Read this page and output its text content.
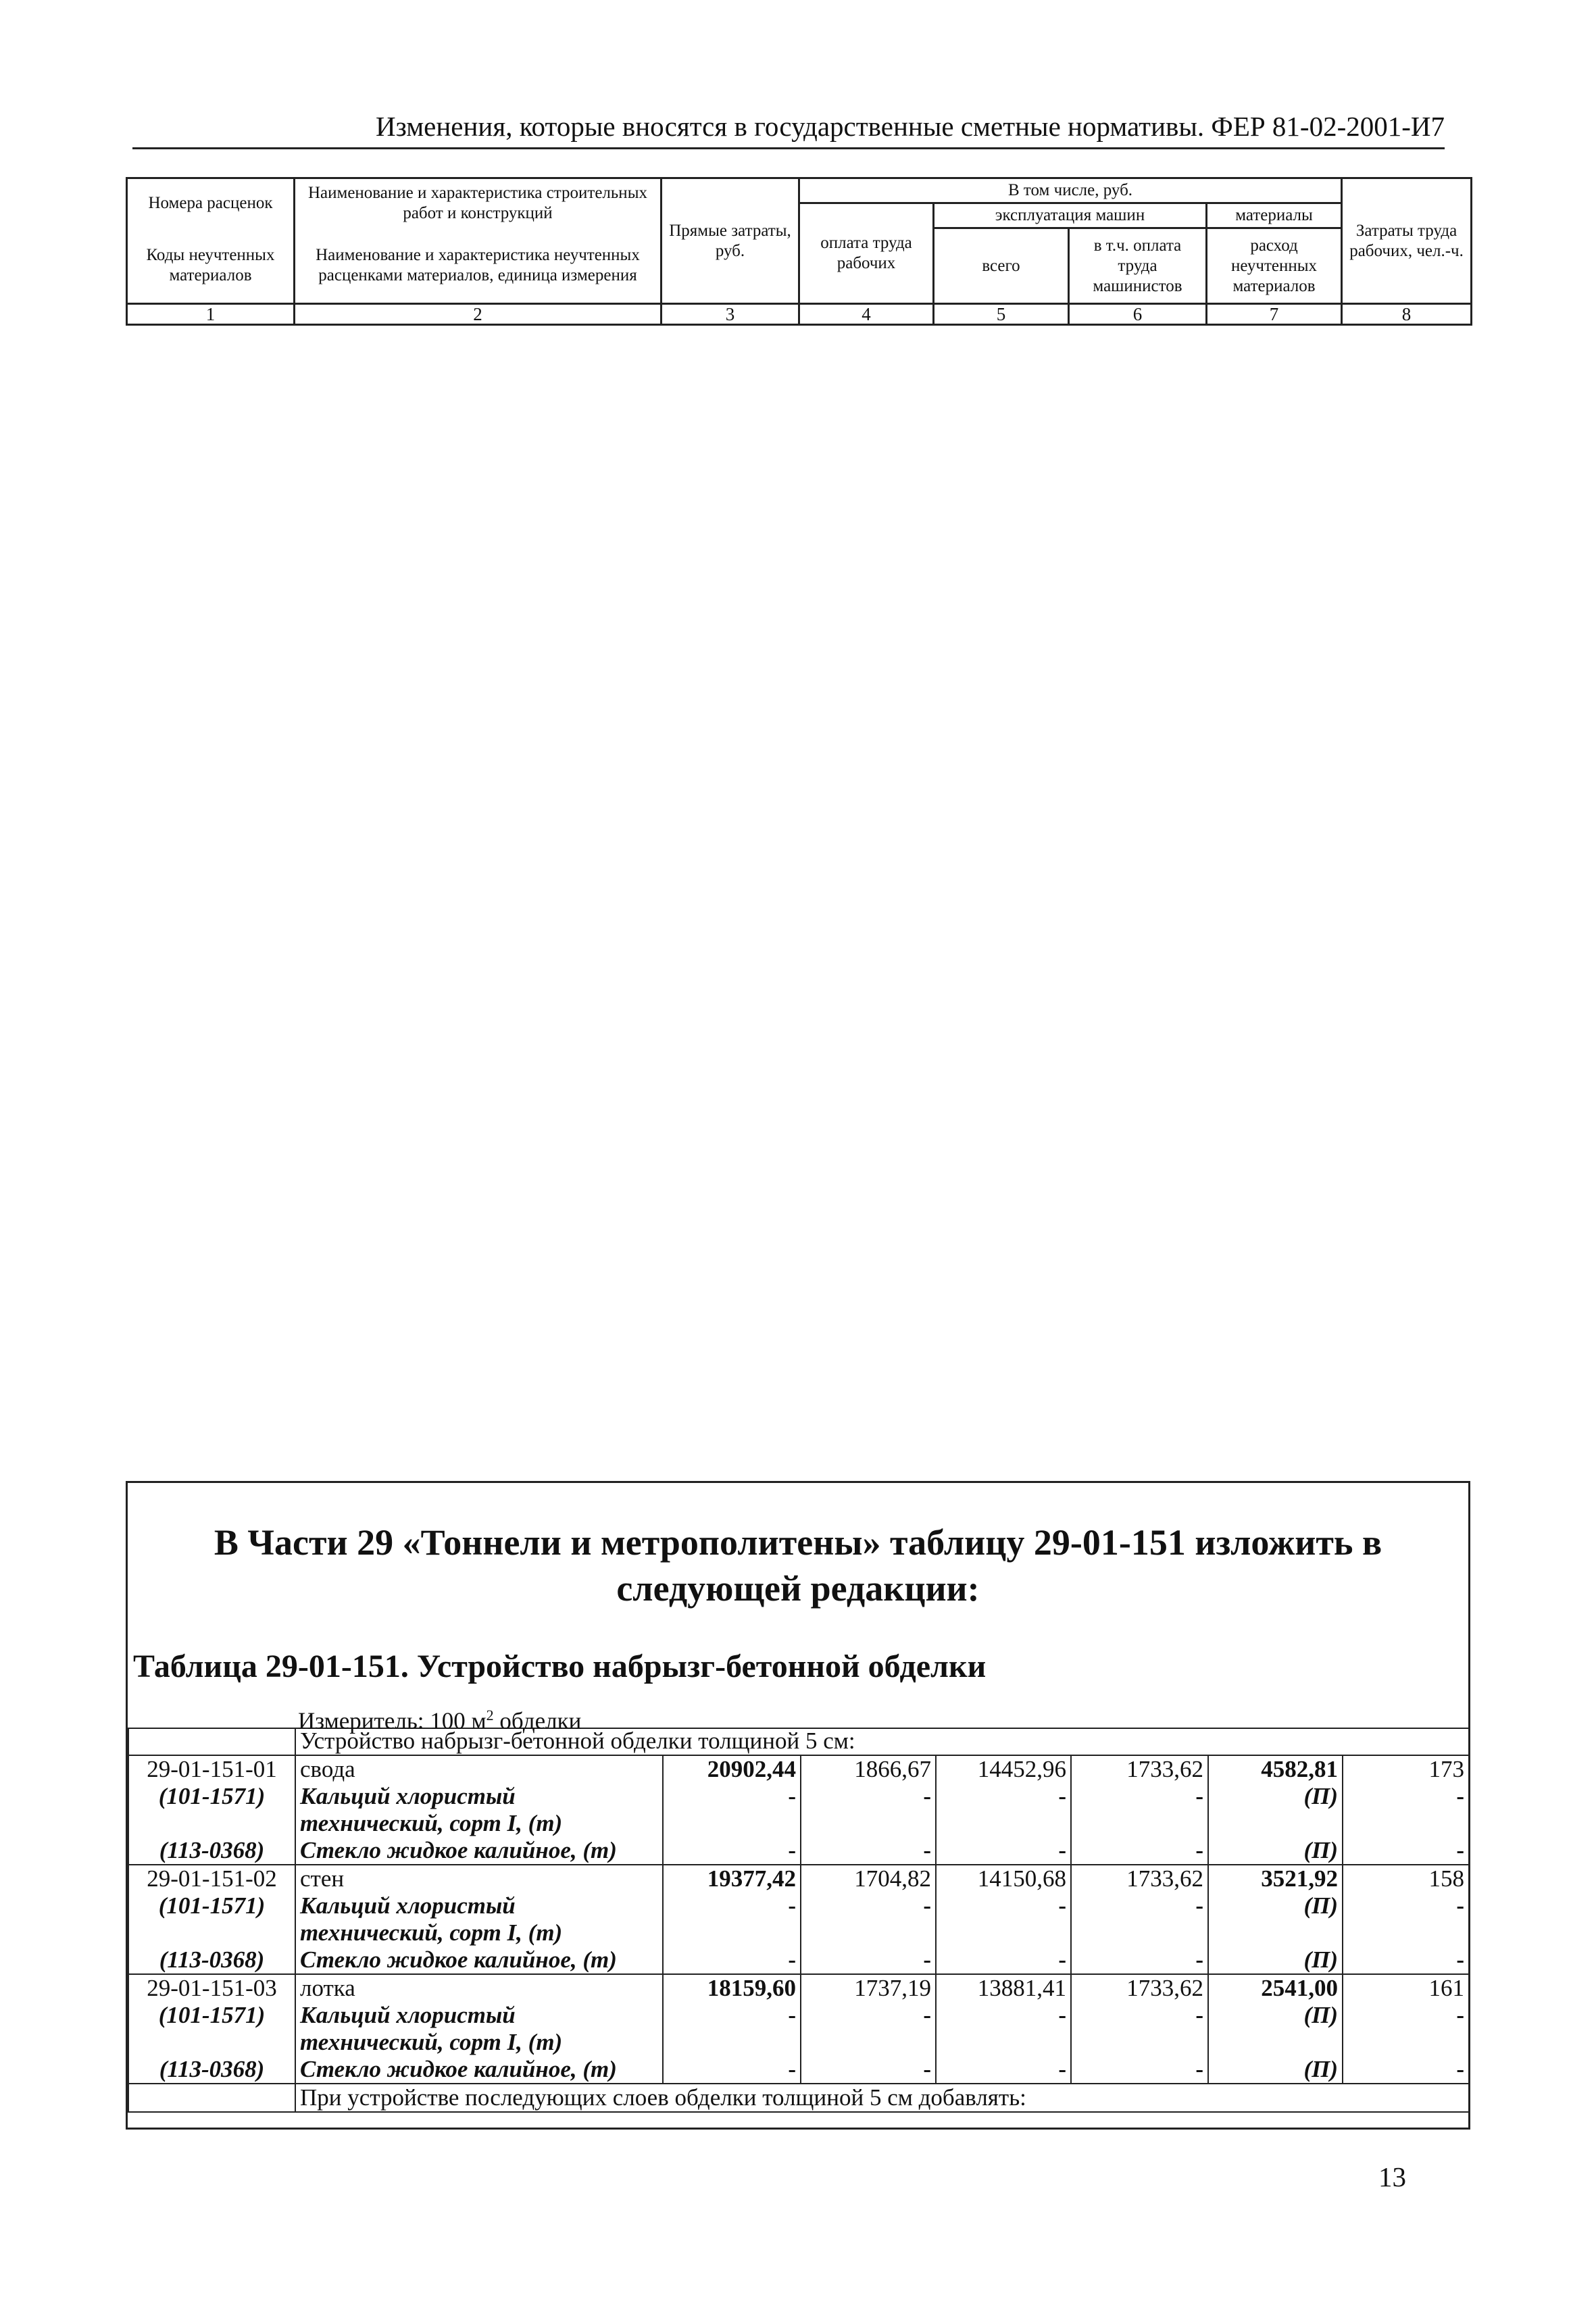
Изменения, которые вносятся в государственные сметные нормативы. ФЕР 81-02-2001-И7
Номера расценок	Наименование и характеристика строительных работ и конструкций	Прямые затраты, руб.	В том числе, руб.				Затраты труда рабочих, чел.-ч.
			оплата труда рабочих	эксплуатация машин		материалы	
Коды неучтенных материалов	Наименование и характеристика неучтенных расценками материалов, единица измерения			всего	в т.ч. оплата труда машинистов	расход неучтенных материалов	

1	2	3	4	5	6	7	8
В Части 29 «Тоннели и метрополитены» таблицу 29-01-151 изложить в следующей редакции:
Таблица 29-01-151. Устройство набрызг-бетонной обделки
Измеритель: 100 $м^2$ обделки
	Устройство набрызг-бетонной обделки толщиной 5 см:						
29-01-151-01	свода	20902,44	1866,67	14452,96	1733,62	4582,81	173
(101-1571)	Кальций хлористый	-	-	-	-	(П)	-
	технический, сорт I, (т)						
(113-0368)	Стекло жидкое калийное, (т)	-	-	-	-	(П)	-
29-01-151-02	стен	19377,42	1704,82	14150,68	1733,62	3521,92	158
(101-1571)	Кальций хлористый	-	-	-	-	(П)	-
	технический, сорт I, (т)						
(113-0368)	Стекло жидкое калийное, (т)	-	-	-	-	(П)	-
29-01-151-03	лотка	18159,60	1737,19	13881,41	1733,62	2541,00	161
(101-1571)	Кальций хлористый	-	-	-	-	(П)	-
	технический, сорт I, (т)						
(113-0368)	Стекло жидкое калийное, (т)	-	-	-	-	(П)	-
	При устройстве последующих слоев обделки толщиной 5 см добавлять:						
13
